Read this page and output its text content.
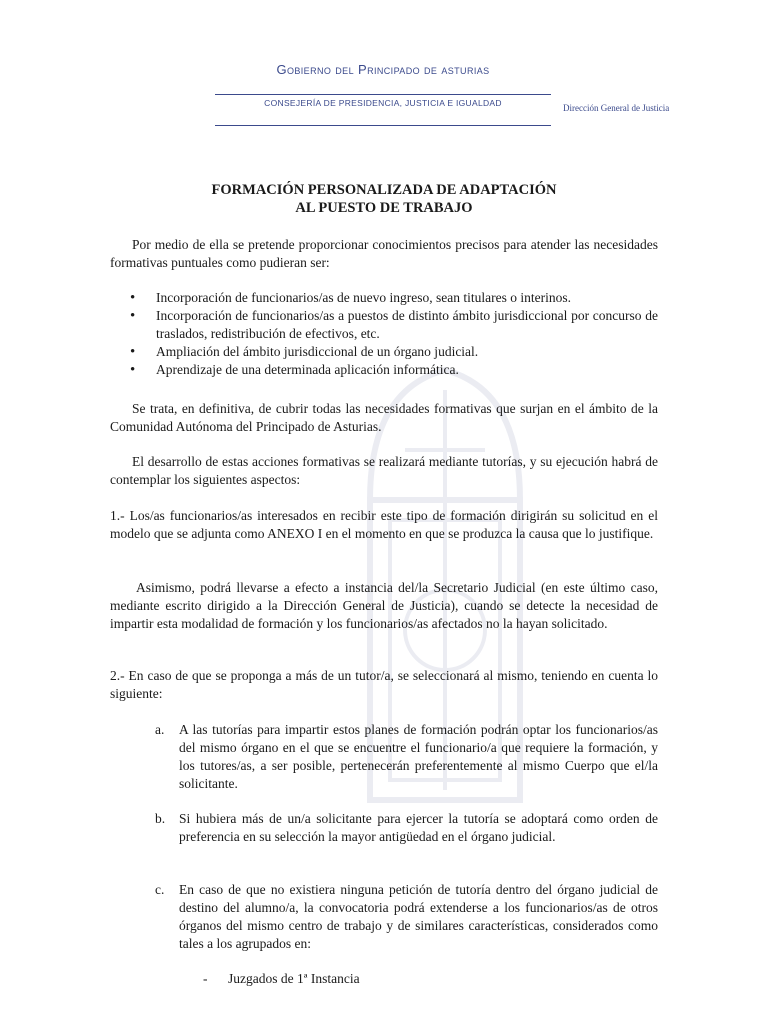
Gobierno del Principado de asturias
CONSEJERÍA DE PRESIDENCIA, JUSTICIA E IGUALDAD	Dirección General de Justicia
FORMACIÓN PERSONALIZADA DE ADAPTACIÓN
AL PUESTO DE TRABAJO
Por medio de ella se pretende proporcionar conocimientos precisos para atender las necesidades formativas puntuales como pudieran ser:
• Incorporación de funcionarios/as de nuevo ingreso, sean titulares o interinos.
• Incorporación de funcionarios/as a puestos de distinto ámbito jurisdiccional por concurso de traslados, redistribución de efectivos, etc.
• Ampliación del ámbito jurisdiccional de un órgano judicial.
• Aprendizaje de una determinada aplicación informática.
Se trata, en definitiva, de cubrir todas las necesidades formativas que surjan en el ámbito de la Comunidad Autónoma del Principado de Asturias.
El desarrollo de estas acciones formativas se realizará mediante tutorías, y su ejecución habrá de contemplar los siguientes aspectos:
1.- Los/as funcionarios/as interesados en recibir este tipo de formación dirigirán su solicitud en el modelo que se adjunta como ANEXO I en el momento en que se produzca la causa que lo justifique.
Asimismo, podrá llevarse a efecto a instancia del/la Secretario Judicial (en este último caso, mediante escrito dirigido a la Dirección General de Justicia), cuando se detecte la necesidad de impartir esta modalidad de formación y los funcionarios/as afectados no la hayan solicitado.
2.- En caso de que se proponga a más de un tutor/a, se seleccionará al mismo, teniendo en cuenta lo siguiente:
a. A las tutorías para impartir estos planes de formación podrán optar los funcionarios/as del mismo órgano en el que se encuentre el funcionario/a que requiere la formación, y los tutores/as, a ser posible, pertenecerán preferentemente al mismo Cuerpo que el/la solicitante.
b. Si hubiera más de un/a solicitante para ejercer la tutoría se adoptará como orden de preferencia en su selección la mayor antigüedad en el órgano judicial.
c. En caso de que no existiera ninguna petición de tutoría dentro del órgano judicial de destino del alumno/a, la convocatoria podrá extenderse a los funcionarios/as de otros órganos del mismo centro de trabajo y de similares características, considerados como tales a los agrupados en:
- Juzgados de 1ª Instancia
